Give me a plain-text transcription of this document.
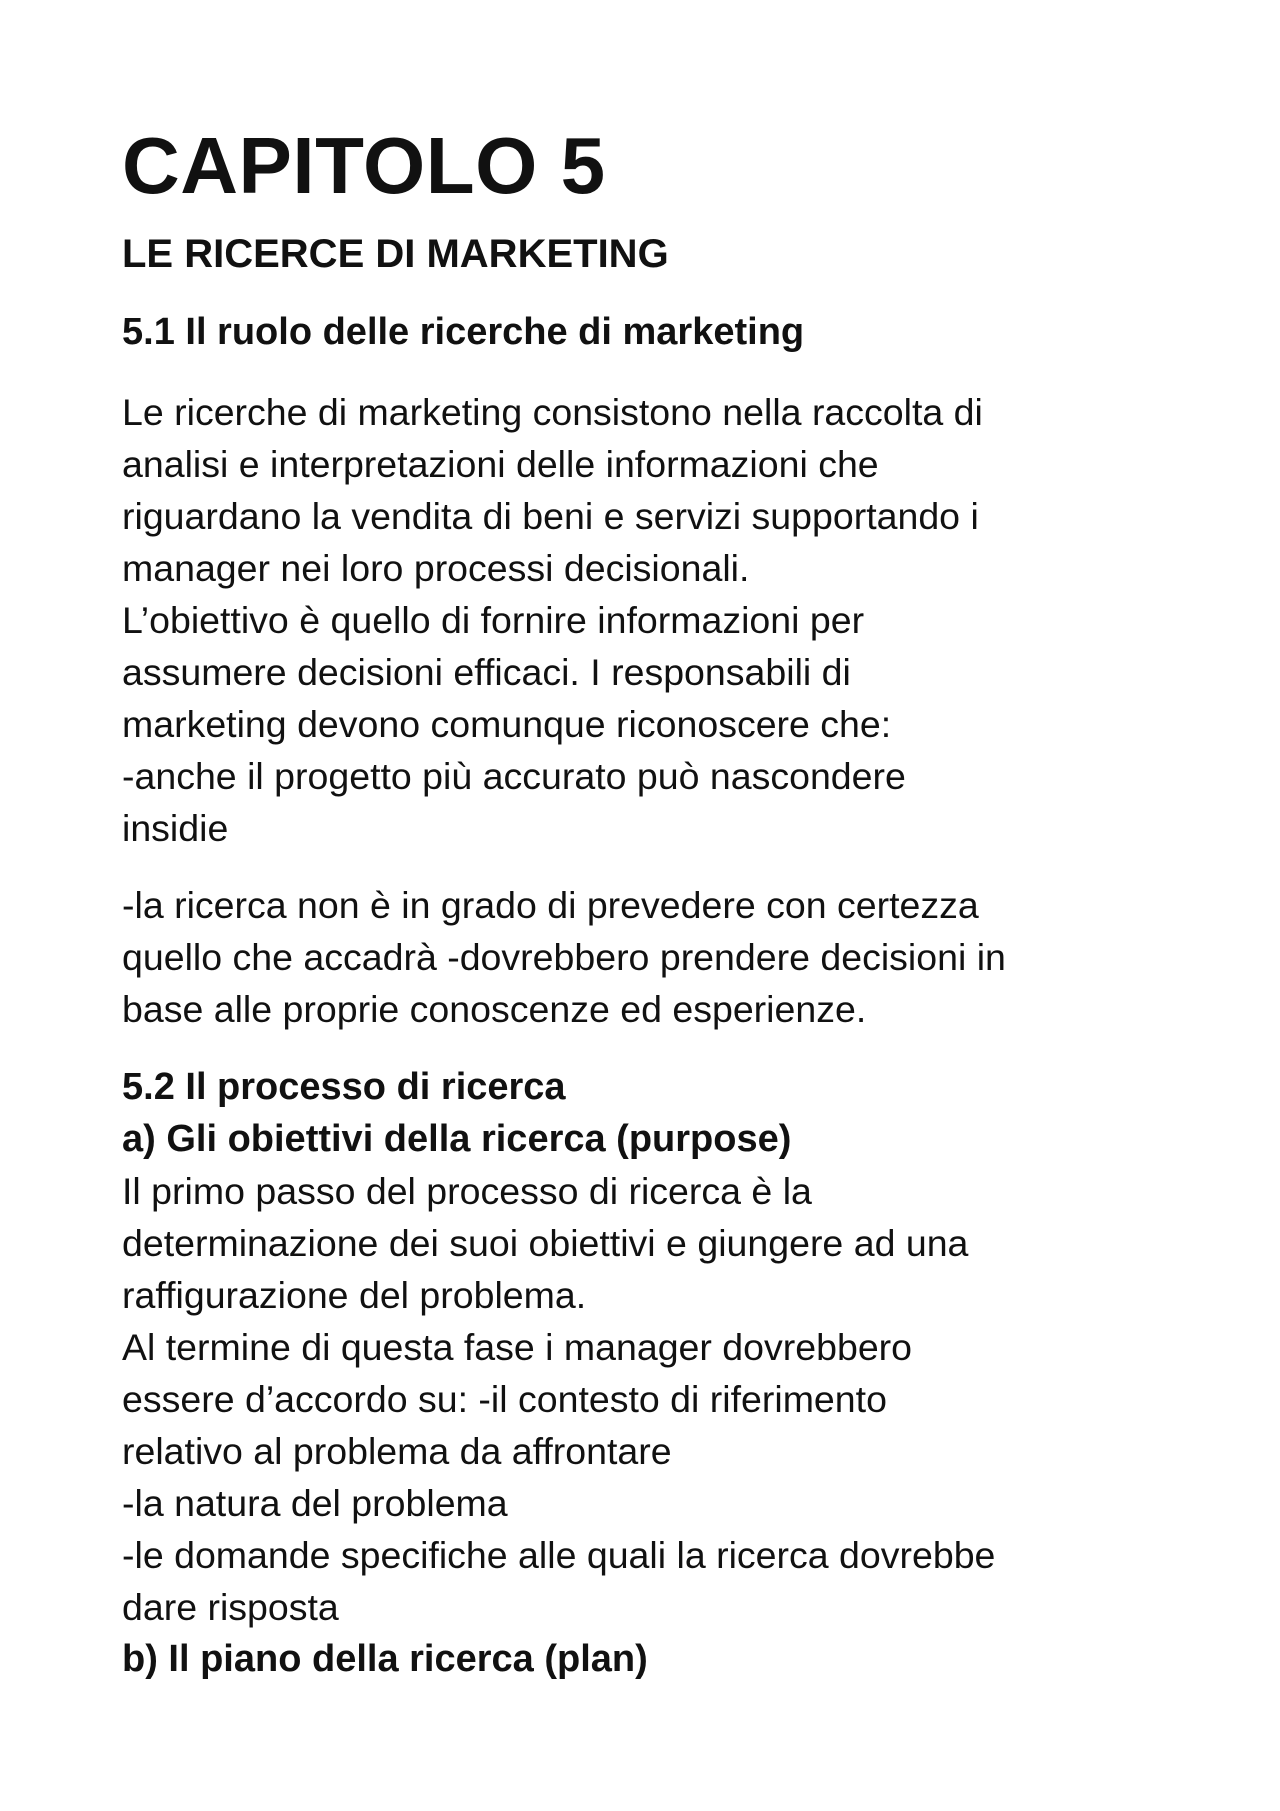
CAPITOLO 5
LE RICERCE DI MARKETING
5.1 Il ruolo delle ricerche di marketing

Le ricerche di marketing consistono nella raccolta di
analisi e interpretazioni delle informazioni che
riguardano la vendita di beni e servizi supportando i
manager nei loro processi decisionali.
L’obiettivo è quello di fornire informazioni per
assumere decisioni efficaci. I responsabili di
marketing devono comunque riconoscere che:
-anche il progetto più accurato può nascondere
insidie

-la ricerca non è in grado di prevedere con certezza
quello che accadrà -dovrebbero prendere decisioni in
base alle proprie conoscenze ed esperienze.

5.2 Il processo di ricerca
a) Gli obiettivi della ricerca (purpose)

Il primo passo del processo di ricerca è la
determinazione dei suoi obiettivi e giungere ad una
raffigurazione del problema.
Al termine di questa fase i manager dovrebbero
essere d’accordo su: -il contesto di riferimento
relativo al problema da affrontare
-la natura del problema
-le domande specifiche alle quali la ricerca dovrebbe
dare risposta

b) Il piano della ricerca (plan)
